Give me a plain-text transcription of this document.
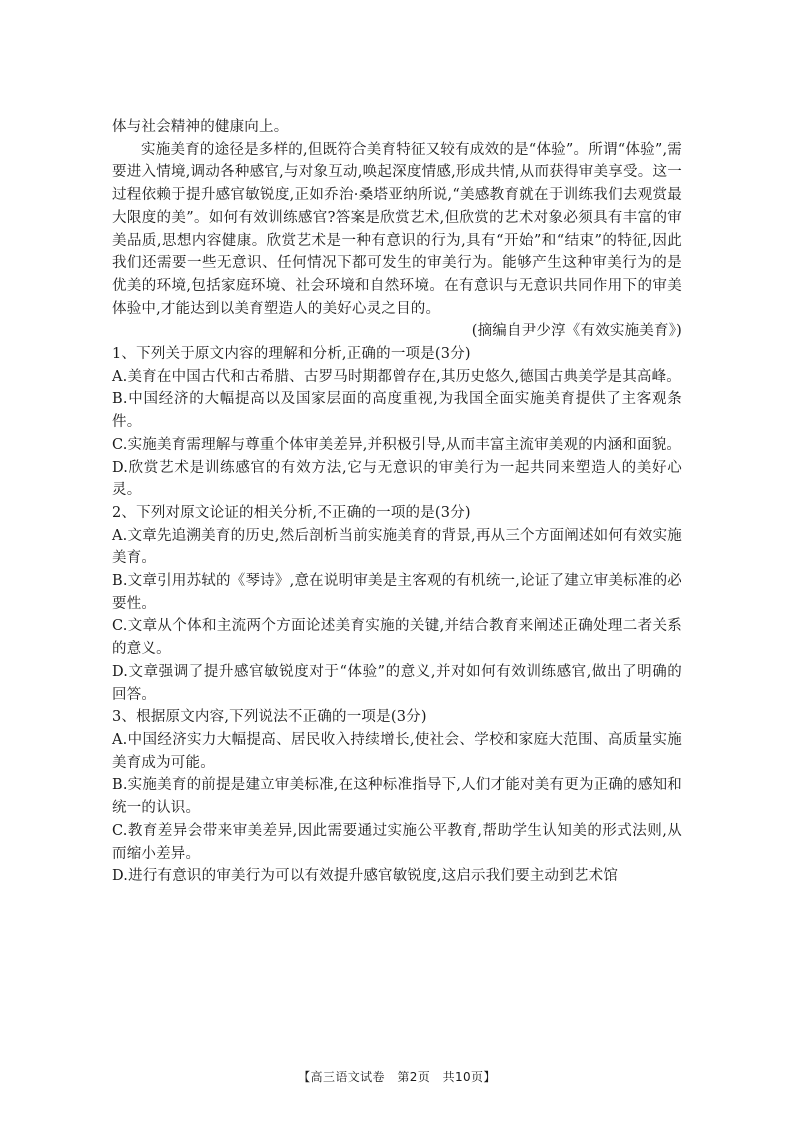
体与社会精神的健康向上。

实施美育的途径是多样的,但既符合美育特征又较有成效的是“体验”。所谓“体验”,需要进入情境,调动各种感官,与对象互动,唤起深度情感,形成共情,从而获得审美享受。这一过程依赖于提升感官敏锐度,正如乔治·桑塔亚纳所说,“美感教育就在于训练我们去观赏最大限度的美”。如何有效训练感官?答案是欣赏艺术,但欣赏的艺术对象必须具有丰富的审美品质,思想内容健康。欣赏艺术是一种有意识的行为,具有“开始”和“结束”的特征,因此我们还需要一些无意识、任何情况下都可发生的审美行为。能够产生这种审美行为的是优美的环境,包括家庭环境、社会环境和自然环境。在有意识与无意识共同作用下的审美体验中,才能达到以美育塑造人的美好心灵之目的。

(摘编自尹少淳《有效实施美育》)

1、下列关于原文内容的理解和分析,正确的一项是(3分)

A.美育在中国古代和古希腊、古罗马时期都曾存在,其历史悠久,德国古典美学是其高峰。

B.中国经济的大幅提高以及国家层面的高度重视,为我国全面实施美育提供了主客观条件。

C.实施美育需理解与尊重个体审美差异,并积极引导,从而丰富主流审美观的内涵和面貌。

D.欣赏艺术是训练感官的有效方法,它与无意识的审美行为一起共同来塑造人的美好心灵。

2、下列对原文论证的相关分析,不正确的一项的是(3分)

A.文章先追溯美育的历史,然后剖析当前实施美育的背景,再从三个方面阐述如何有效实施美育。

B.文章引用苏轼的《琴诗》,意在说明审美是主客观的有机统一,论证了建立审美标准的必要性。

C.文章从个体和主流两个方面论述美育实施的关键,并结合教育来阐述正确处理二者关系的意义。

D.文章强调了提升感官敏锐度对于“体验”的意义,并对如何有效训练感官,做出了明确的回答。

3、根据原文内容,下列说法不正确的一项是(3分)

A.中国经济实力大幅提高、居民收入持续增长,使社会、学校和家庭大范围、高质量实施美育成为可能。

B.实施美育的前提是建立审美标准,在这种标准指导下,人们才能对美有更为正确的感知和统一的认识。

C.教育差异会带来审美差异,因此需要通过实施公平教育,帮助学生认知美的形式法则,从而缩小差异。

D.进行有意识的审美行为可以有效提升感官敏锐度,这启示我们要主动到艺术馆

【高三语文试卷　第2页　共10页】
